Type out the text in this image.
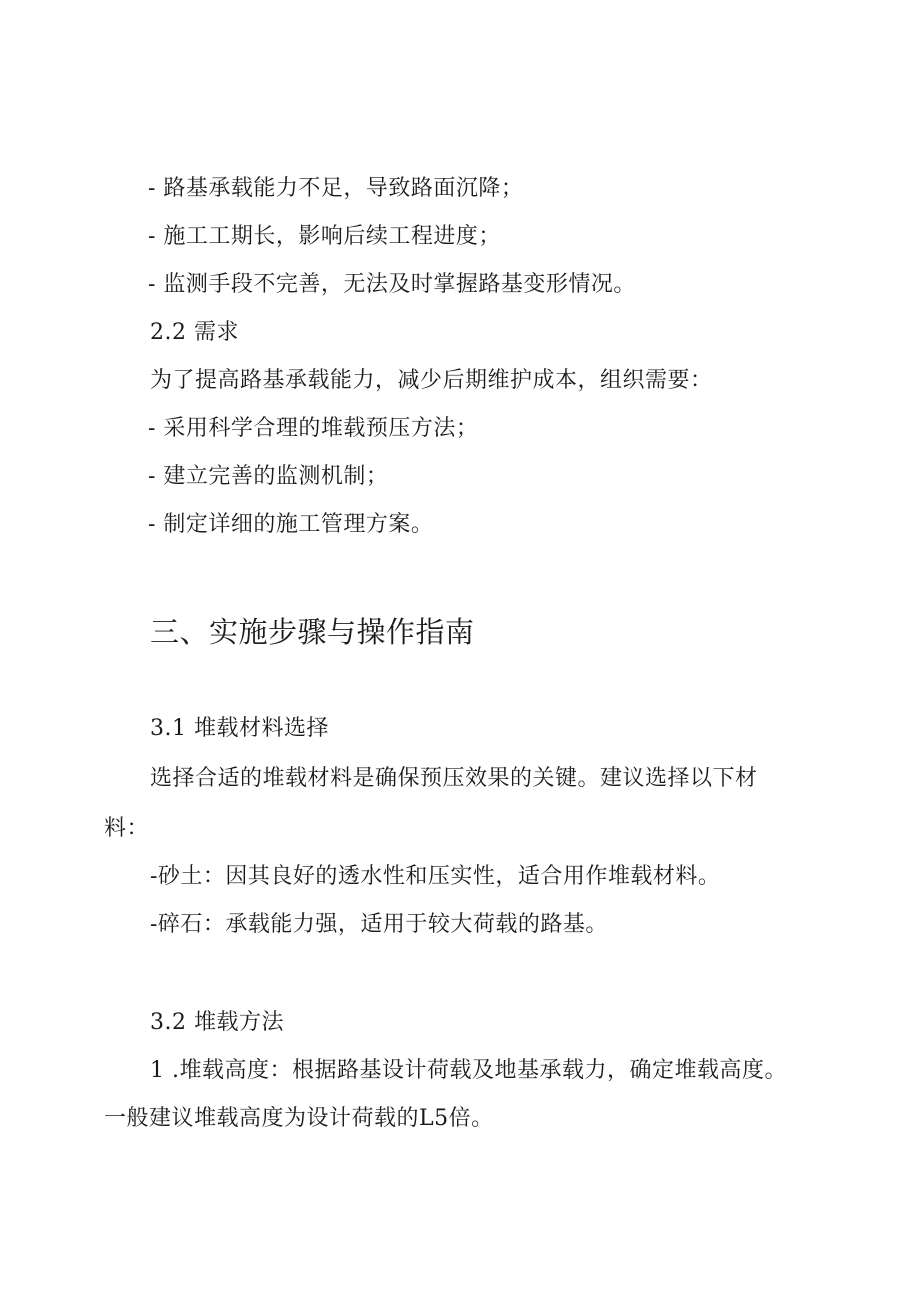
- 路基承载能力不足，导致路面沉降；
- 施工工期长，影响后续工程进度；
- 监测手段不完善，无法及时掌握路基变形情况。
2.2 需求
为了提高路基承载能力，减少后期维护成本，组织需要：
- 采用科学合理的堆载预压方法；
- 建立完善的监测机制；
- 制定详细的施工管理方案。
三、实施步骤与操作指南
3.1 堆载材料选择
选择合适的堆载材料是确保预压效果的关键。建议选择以下材
料：
-砂土：因其良好的透水性和压实性，适合用作堆载材料。
-碎石：承载能力强，适用于较大荷载的路基。
3.2 堆载方法
1 .堆载高度：根据路基设计荷载及地基承载力，确定堆载高度。
一般建议堆载高度为设计荷载的L5倍。
